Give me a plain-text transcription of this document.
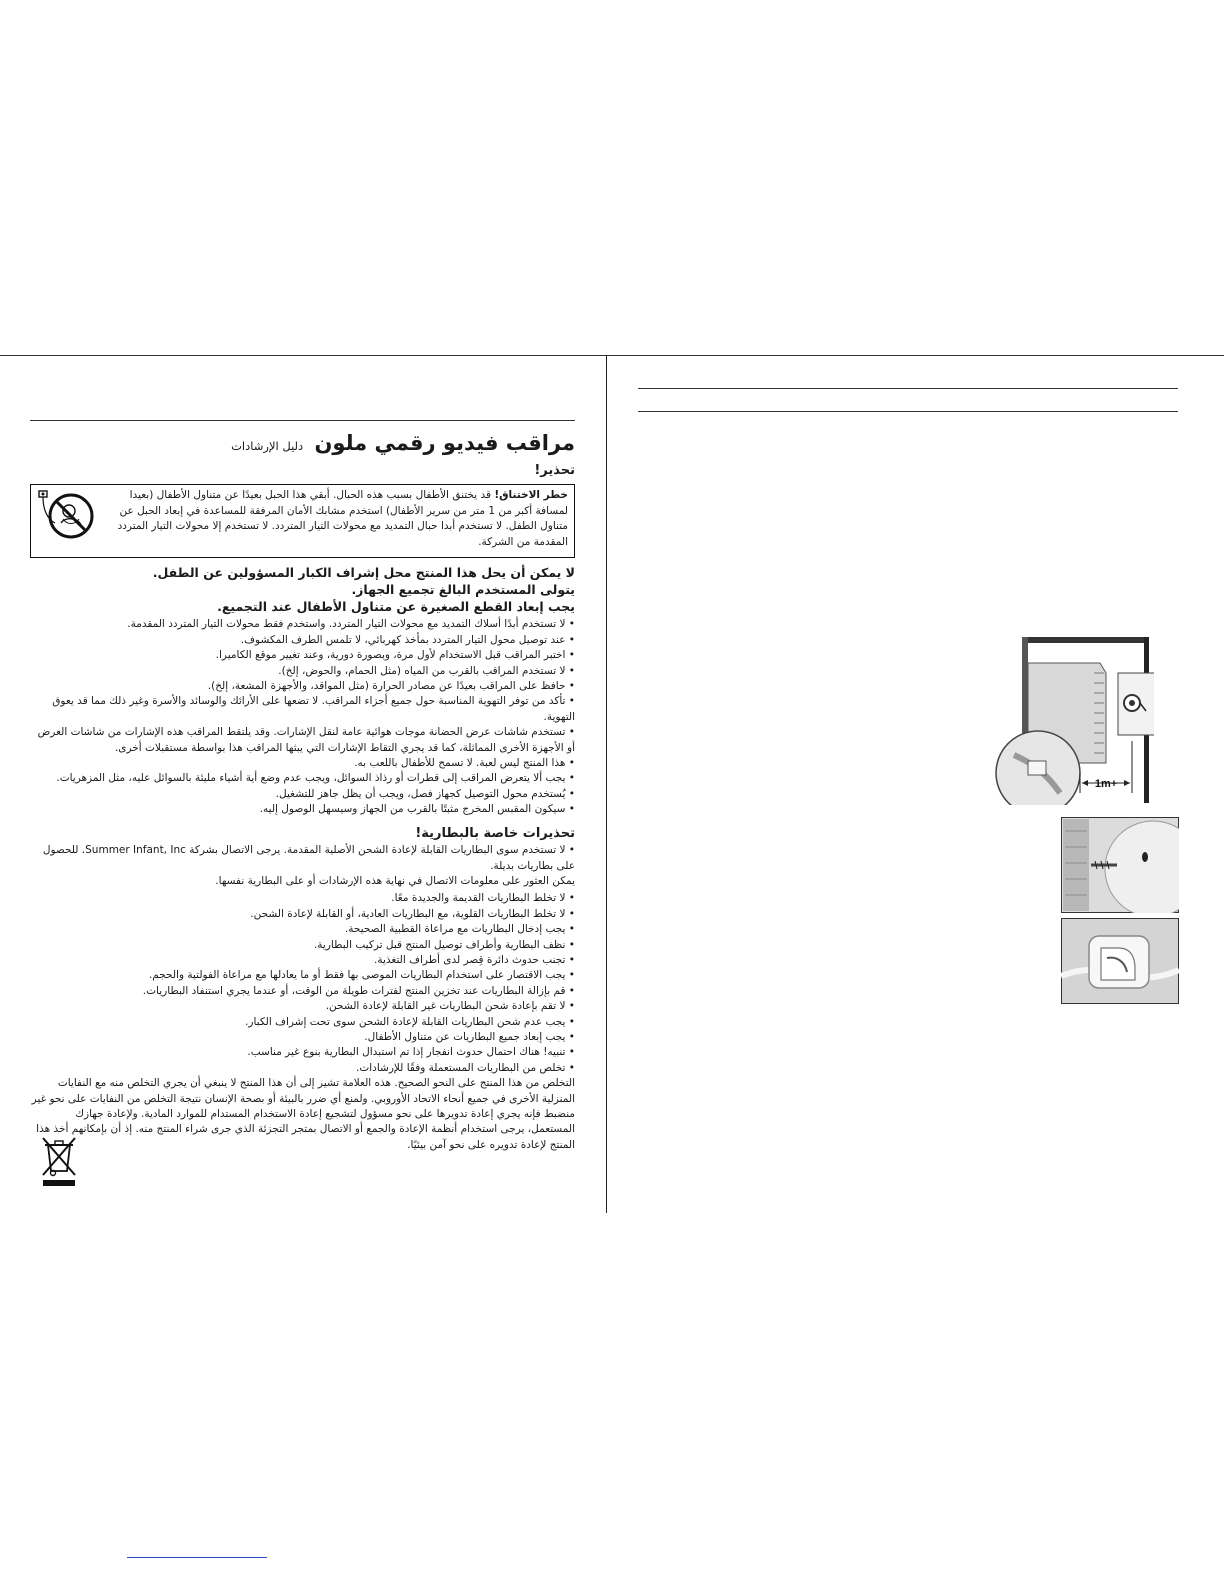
مراقب فيديو رقمي ملون دليل الإرشادات
تحذير!
خطر الاختناق! قد يختنق الأطفال بسبب هذه الحبال. أبقي هذا الحبل بعيدًا عن متناول الأطفال (بعيدا لمسافة أكبر من 1 متر من سرير الأطفال) استخدم مشابك الأمان المرفقة للمساعدة في إبعاد الحبل عن متناول الطفل. لا تستخدم أبدا حبال التمديد مع محولات التيار المتردد. لا تستخدم إلا محولات التيار المتردد المقدمة من الشركة.

لا يمكن أن يحل هذا المنتج محل إشراف الكبار المسؤولين عن الطفل.

يتولى المستخدم البالغ تجميع الجهاز.

يجب إبعاد القطع الصغيرة عن متناول الأطفال عند التجميع.

• لا تستخدم أبدًا أسلاك التمديد مع محولات التيار المتردد. واستخدم فقط محولات التيار المتردد المقدمة.
• عند توصيل محول التيار المتردد بمأخذ كهربائي، لا تلمس الطرف المكشوف.
• اختبر المراقب قبل الاستخدام لأول مرة، وبصورة دورية، وعند تغيير موقع الكاميرا.
• لا تستخدم المراقب بالقرب من المياه (مثل الحمام، والحوض، إلخ).
• حافظ على المراقب بعيدًا عن مصادر الحرارة (مثل المواقد، والأجهزة المشعة، إلخ).
• تأكد من توفر التهوية المناسبة حول جميع أجزاء المراقب. لا تضعها على الأرائك والوسائد والأسرة وغير ذلك مما قد يعوق التهوية.
• تستخدم شاشات عرض الحضانة موجات هوائية عامة لنقل الإشارات. وقد يلتقط المراقب هذه الإشارات من شاشات العرض أو الأجهزة الأخرى المماثلة، كما قد يجري التقاط الإشارات التي يبثها المراقب هذا بواسطة مستقبلات أخرى.
• هذا المنتج ليس لعبة. لا تسمح للأطفال باللعب به.
• يجب ألا يتعرض المراقب إلى قطرات أو رذاذ السوائل، ويجب عدم وضع أية أشياء مليئة بالسوائل عليه، مثل المزهريات.
• يُستخدم محول التوصيل كجهاز فصل، ويجب أن يظل جاهز للتشغيل.
• سيكون المقبس المخرج مثبتًا بالقرب من الجهاز وسيسهل الوصول إليه.
تحذيرات خاصة بالبطارية!
• لا تستخدم سوى البطاريات القابلة لإعادة الشحن الأصلية المقدمة. يرجى الاتصال بشركة Summer Infant, Inc. للحصول على بطاريات بديلة.

يمكن العثور على معلومات الاتصال في نهاية هذه الإرشادات أو على البطارية نفسها.

• لا تخلط البطاريات القديمة والجديدة معًا.
• لا تخلط البطاريات القلوية، مع البطاريات العادية، أو القابلة لإعادة الشحن.
• يجب إدخال البطاريات مع مراعاة القطبية الصحيحة.
• نظف البطارية وأطراف توصيل المنتج قبل تركيب البطارية.
• تجنب حدوث دائرة قِصر لدى أطراف التغذية.
• يجب الاقتصار على استخدام البطاريات الموصى بها فقط أو ما يعادلها مع مراعاة الفولتية والحجم.
• قم بإزالة البطاريات عند تخزين المنتج لفترات طويلة من الوقت، أو عندما يجري استنفاد البطاريات.
• لا تقم بإعادة شحن البطاريات غير القابلة لإعادة الشحن.
• يجب عدم شحن البطاريات القابلة لإعادة الشحن سوى تحت إشراف الكبار.
• يجب إبعاد جميع البطاريات عن متناول الأطفال.
• تنبيه! هناك احتمال حدوث انفجار إذا تم استبدال البطارية بنوع غير مناسب.
• تخلص من البطاريات المستعملة وفقًا للإرشادات.

التخلص من هذا المنتج على النحو الصحيح. هذه العلامة تشير إلى أن هذا المنتج لا ينبغي أن يجري التخلص منه مع النفايات المنزلية الأخرى في جميع أنحاء الاتحاد الأوروبي. ولمنع أي ضرر بالبيئة أو بصحة الإنسان نتيجة التخلص من النفايات على نحو غير منضبط فإنه يجري إعادة تدويرها على نحو مسؤول لتشجيع إعادة الاستخدام المستدام للموارد المادية. ولإعادة جهازك المستعمل، يرجى استخدام أنظمة الإعادة والجمع أو الاتصال بمتجر التجزئة الذي جرى شراء المنتج منه. إذ أن بإمكانهم أخذ هذا المنتج لإعادة تدويره على نحو آمن بيئيًا.

1m+
